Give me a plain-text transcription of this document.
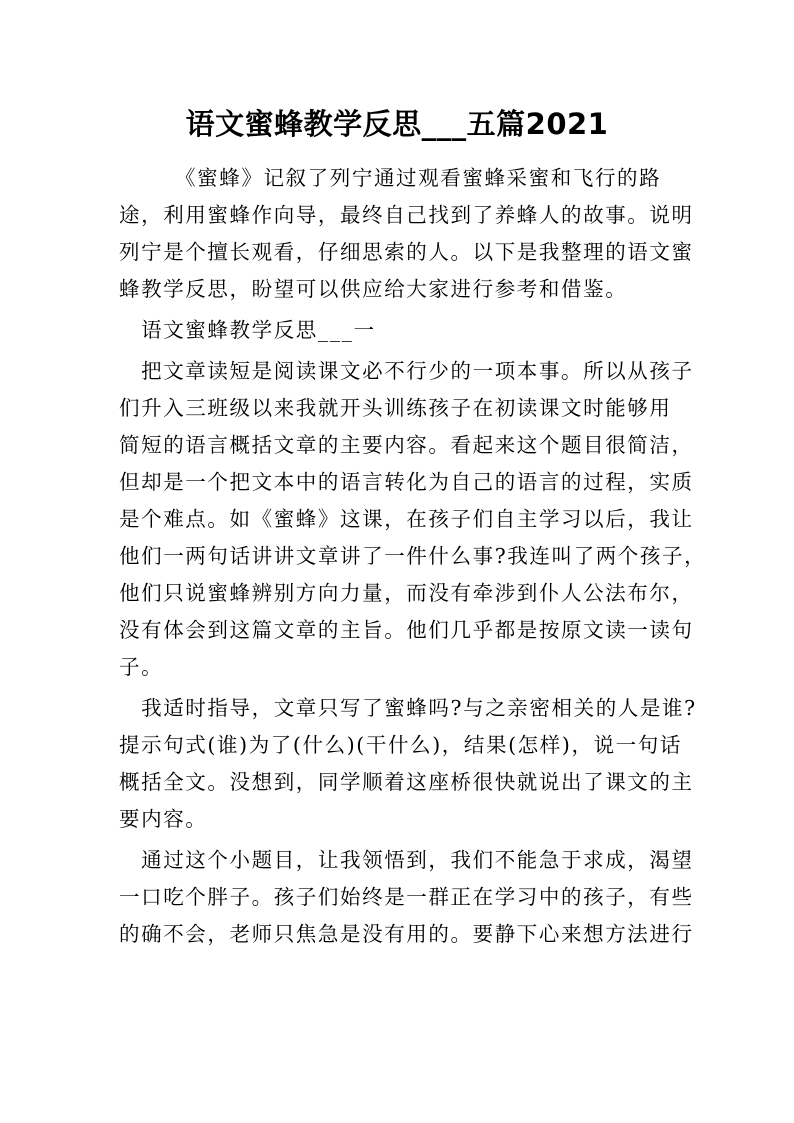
语文蜜蜂教学反思___五篇2021
　　　《蜜蜂》记叙了列宁通过观看蜜蜂采蜜和飞行的路
途，利用蜜蜂作向导，最终自己找到了养蜂人的故事。说明
列宁是个擅长观看，仔细思索的人。以下是我整理的语文蜜
蜂教学反思，盼望可以供应给大家进行参考和借鉴。
　语文蜜蜂教学反思___一
　把文章读短是阅读课文必不行少的一项本事。所以从孩子
们升入三班级以来我就开头训练孩子在初读课文时能够用
简短的语言概括文章的主要内容。看起来这个题目很简洁，
但却是一个把文本中的语言转化为自己的语言的过程，实质
是个难点。如《蜜蜂》这课，在孩子们自主学习以后，我让
他们一两句话讲讲文章讲了一件什么事?我连叫了两个孩子，
他们只说蜜蜂辨别方向力量，而没有牵涉到仆人公法布尔，
没有体会到这篇文章的主旨。他们几乎都是按原文读一读句
子。
　我适时指导，文章只写了蜜蜂吗?与之亲密相关的人是谁?
提示句式(谁)为了(什么)(干什么)，结果(怎样)，说一句话
概括全文。没想到，同学顺着这座桥很快就说出了课文的主
要内容。
　通过这个小题目，让我领悟到，我们不能急于求成，渴望
一口吃个胖子。孩子们始终是一群正在学习中的孩子，有些
的确不会，老师只焦急是没有用的。要静下心来想方法进行
